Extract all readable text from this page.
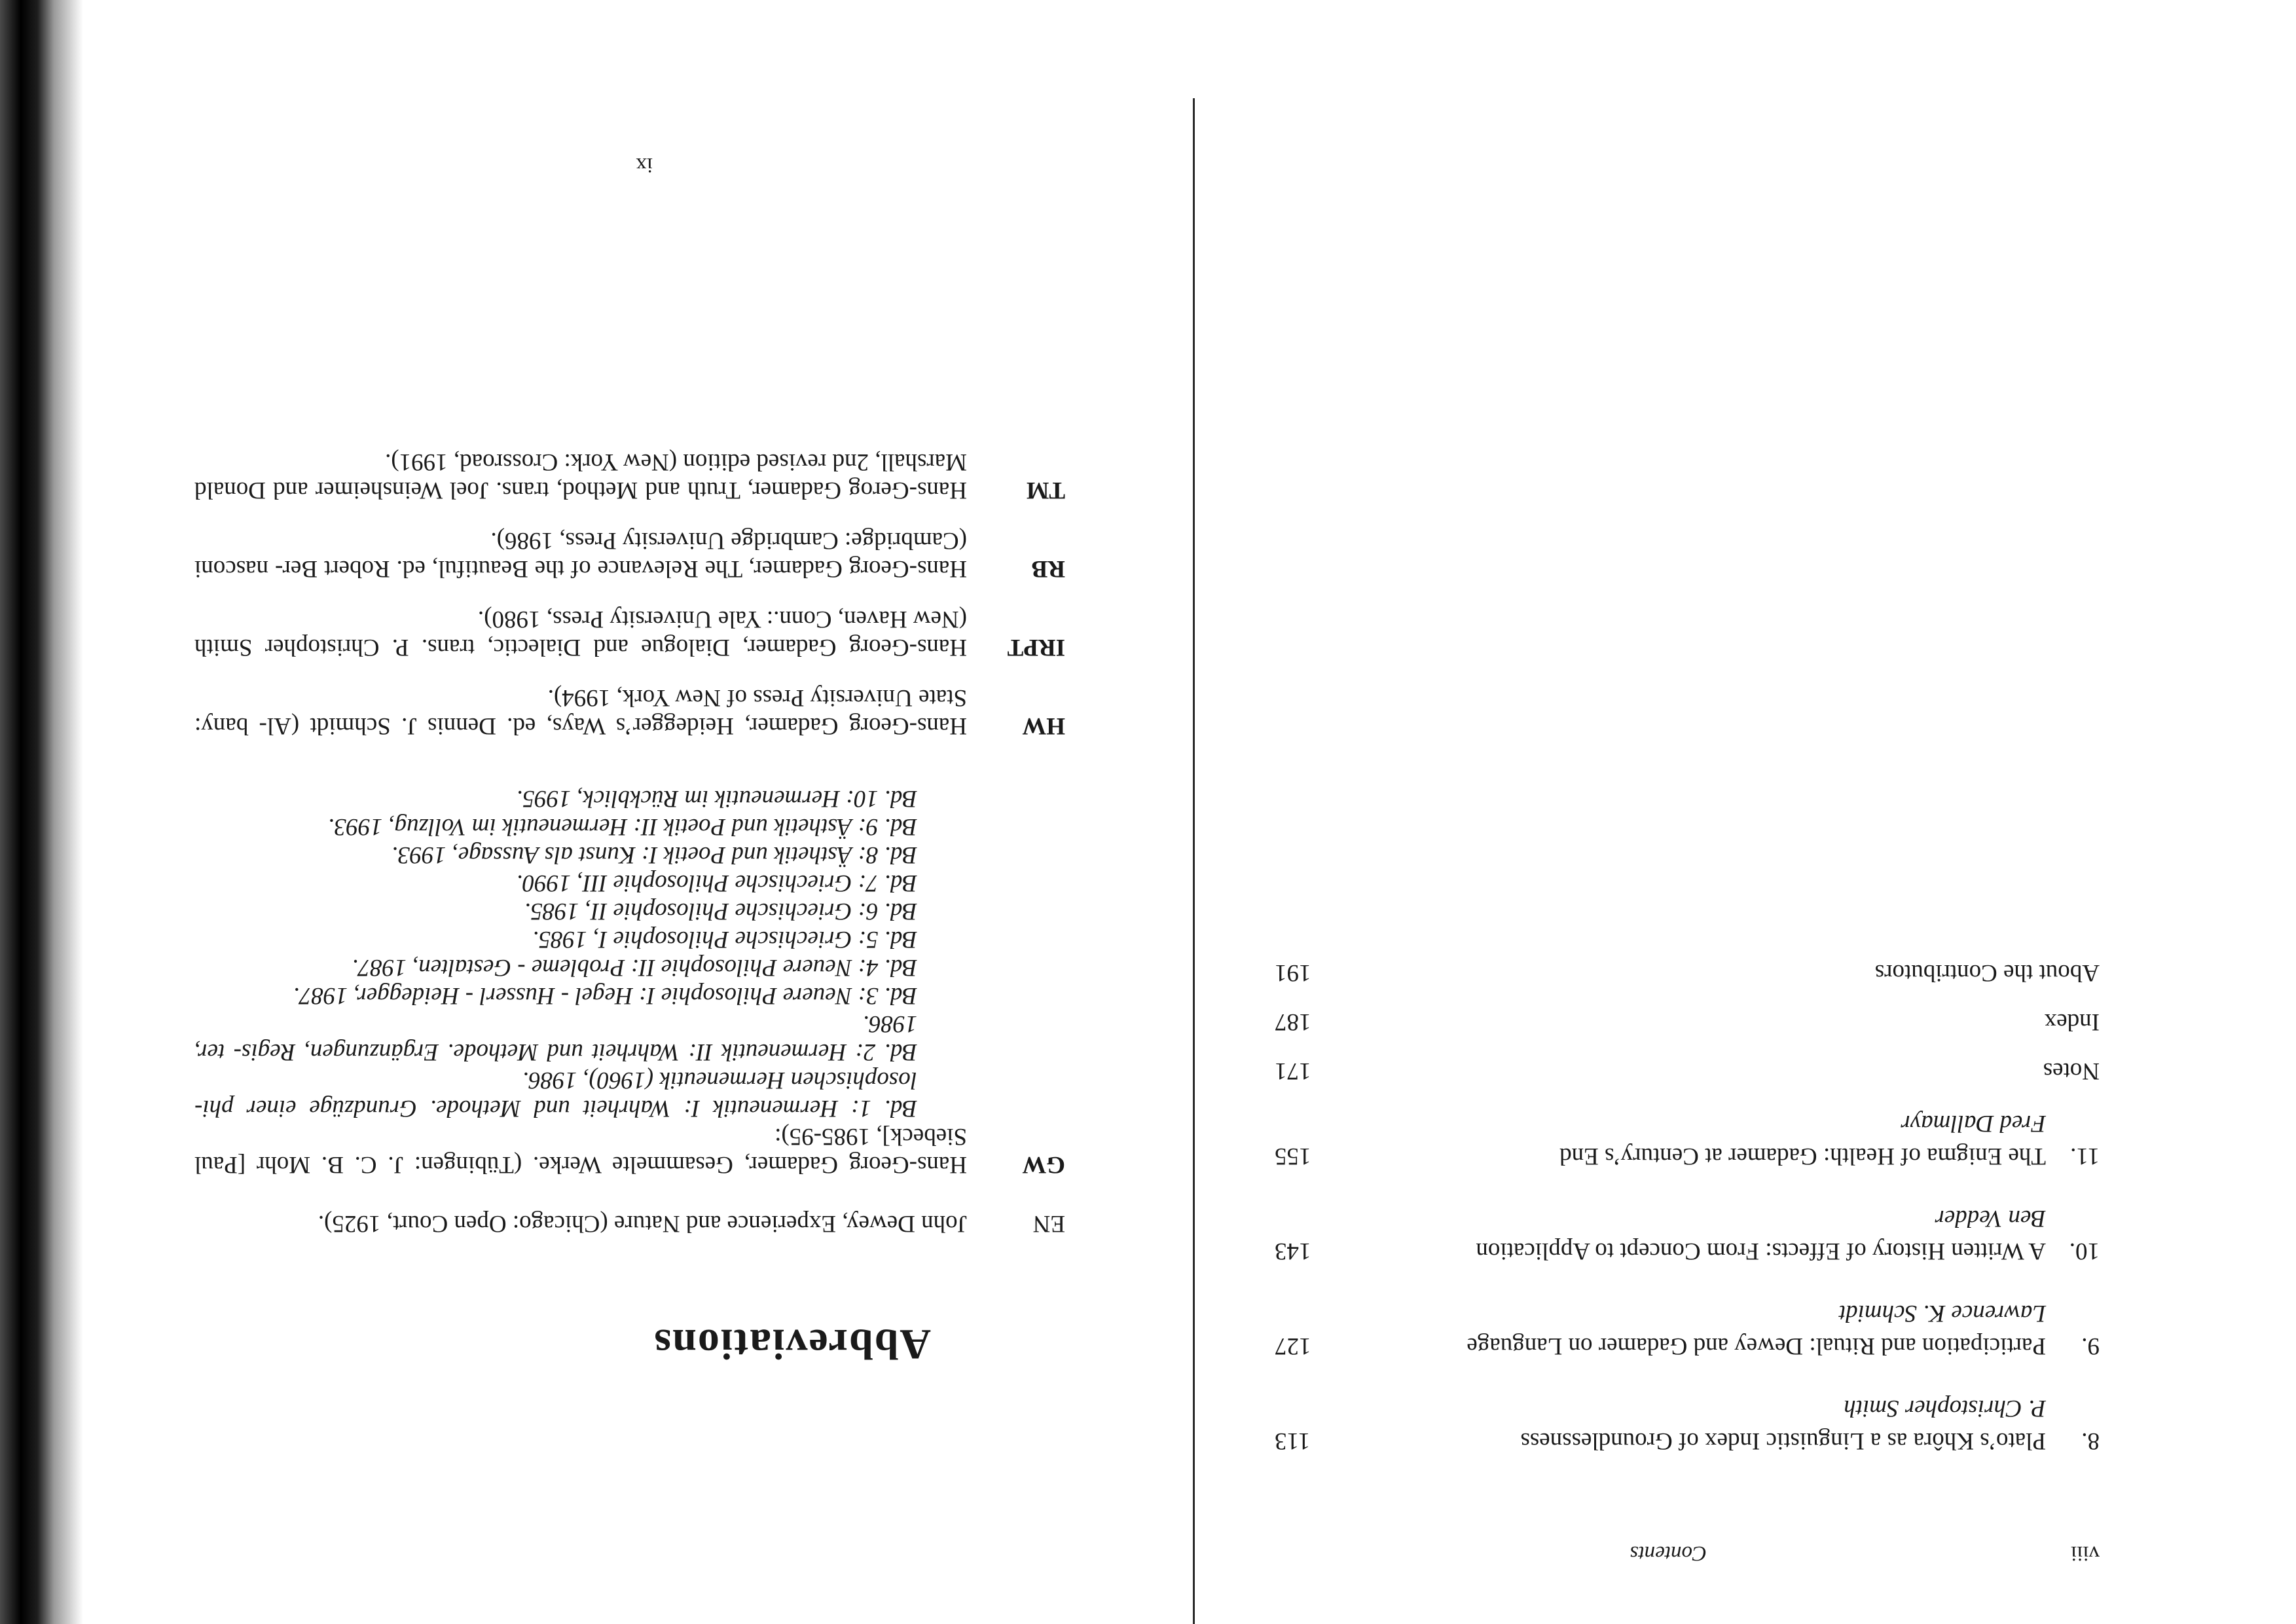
viii
Contents
8.
Plato’s Khôra as a Linguistic Index of Groundlessness
P. Christopher Smith
113
9.
Participation and Ritual: Dewey and Gadamer on Language
Lawrence K. Schmidt
127
10.
A Written History of Effects: From Concept to Application
Ben Vedder
143
11.
The Enigma of Health: Gadamer at Century’s End
Fred Dallmayr
155
Notes
171
Index
187
About the Contributors
191
Abbreviations
EN
John Dewey, Experience and Nature (Chicago: Open Court, 1925).
GW
Hans-Georg Gadamer, Gesammelte Werke. (Tübingen: J. C. B. Mohr [Paul Siebeck], 1985-95):
Bd. 1: Hermeneutik I: Wahrheit und Methode. Grundzüge einer phi- losophischen Hermeneutik (1960), 1986.
Bd. 2: Hermeneutik II: Wahrheit und Methode. Ergänzungen, Regis- ter, 1986.
Bd. 3: Neuere Philosophie I: Hegel - Husserl - Heidegger, 1987.
Bd. 4: Neuere Philosophie II: Probleme - Gestalten, 1987.
Bd. 5: Griechische Philosophie I, 1985.
Bd. 6: Griechische Philosophie II, 1985.
Bd. 7: Griechische Philosophie III, 1990.
Bd. 8: Ästhetik und Poetik I: Kunst als Aussage, 1993.
Bd. 9: Ästhetik und Poetik II: Hermeneutik im Vollzug, 1993.
Bd. 10: Hermeneutik im Rückblick, 1995.
HW
Hans-Georg Gadamer, Heidegger’s Ways, ed. Dennis J. Schmidt (Al- bany: State University Press of New York, 1994).
IRPT
Hans-Georg Gadamer, Dialogue and Dialectic, trans. P. Christopher Smith (New Haven, Conn.: Yale University Press, 1980).
RB
Hans-Georg Gadamer, The Relevance of the Beautiful, ed. Robert Ber- nasconi (Cambridge: Cambridge University Press, 1986).
TM
Hans-Gerog Gadamer, Truth and Method, trans. Joel Weinsheimer and Donald Marshall, 2nd revised edition (New York: Crossroad, 1991).
ix
